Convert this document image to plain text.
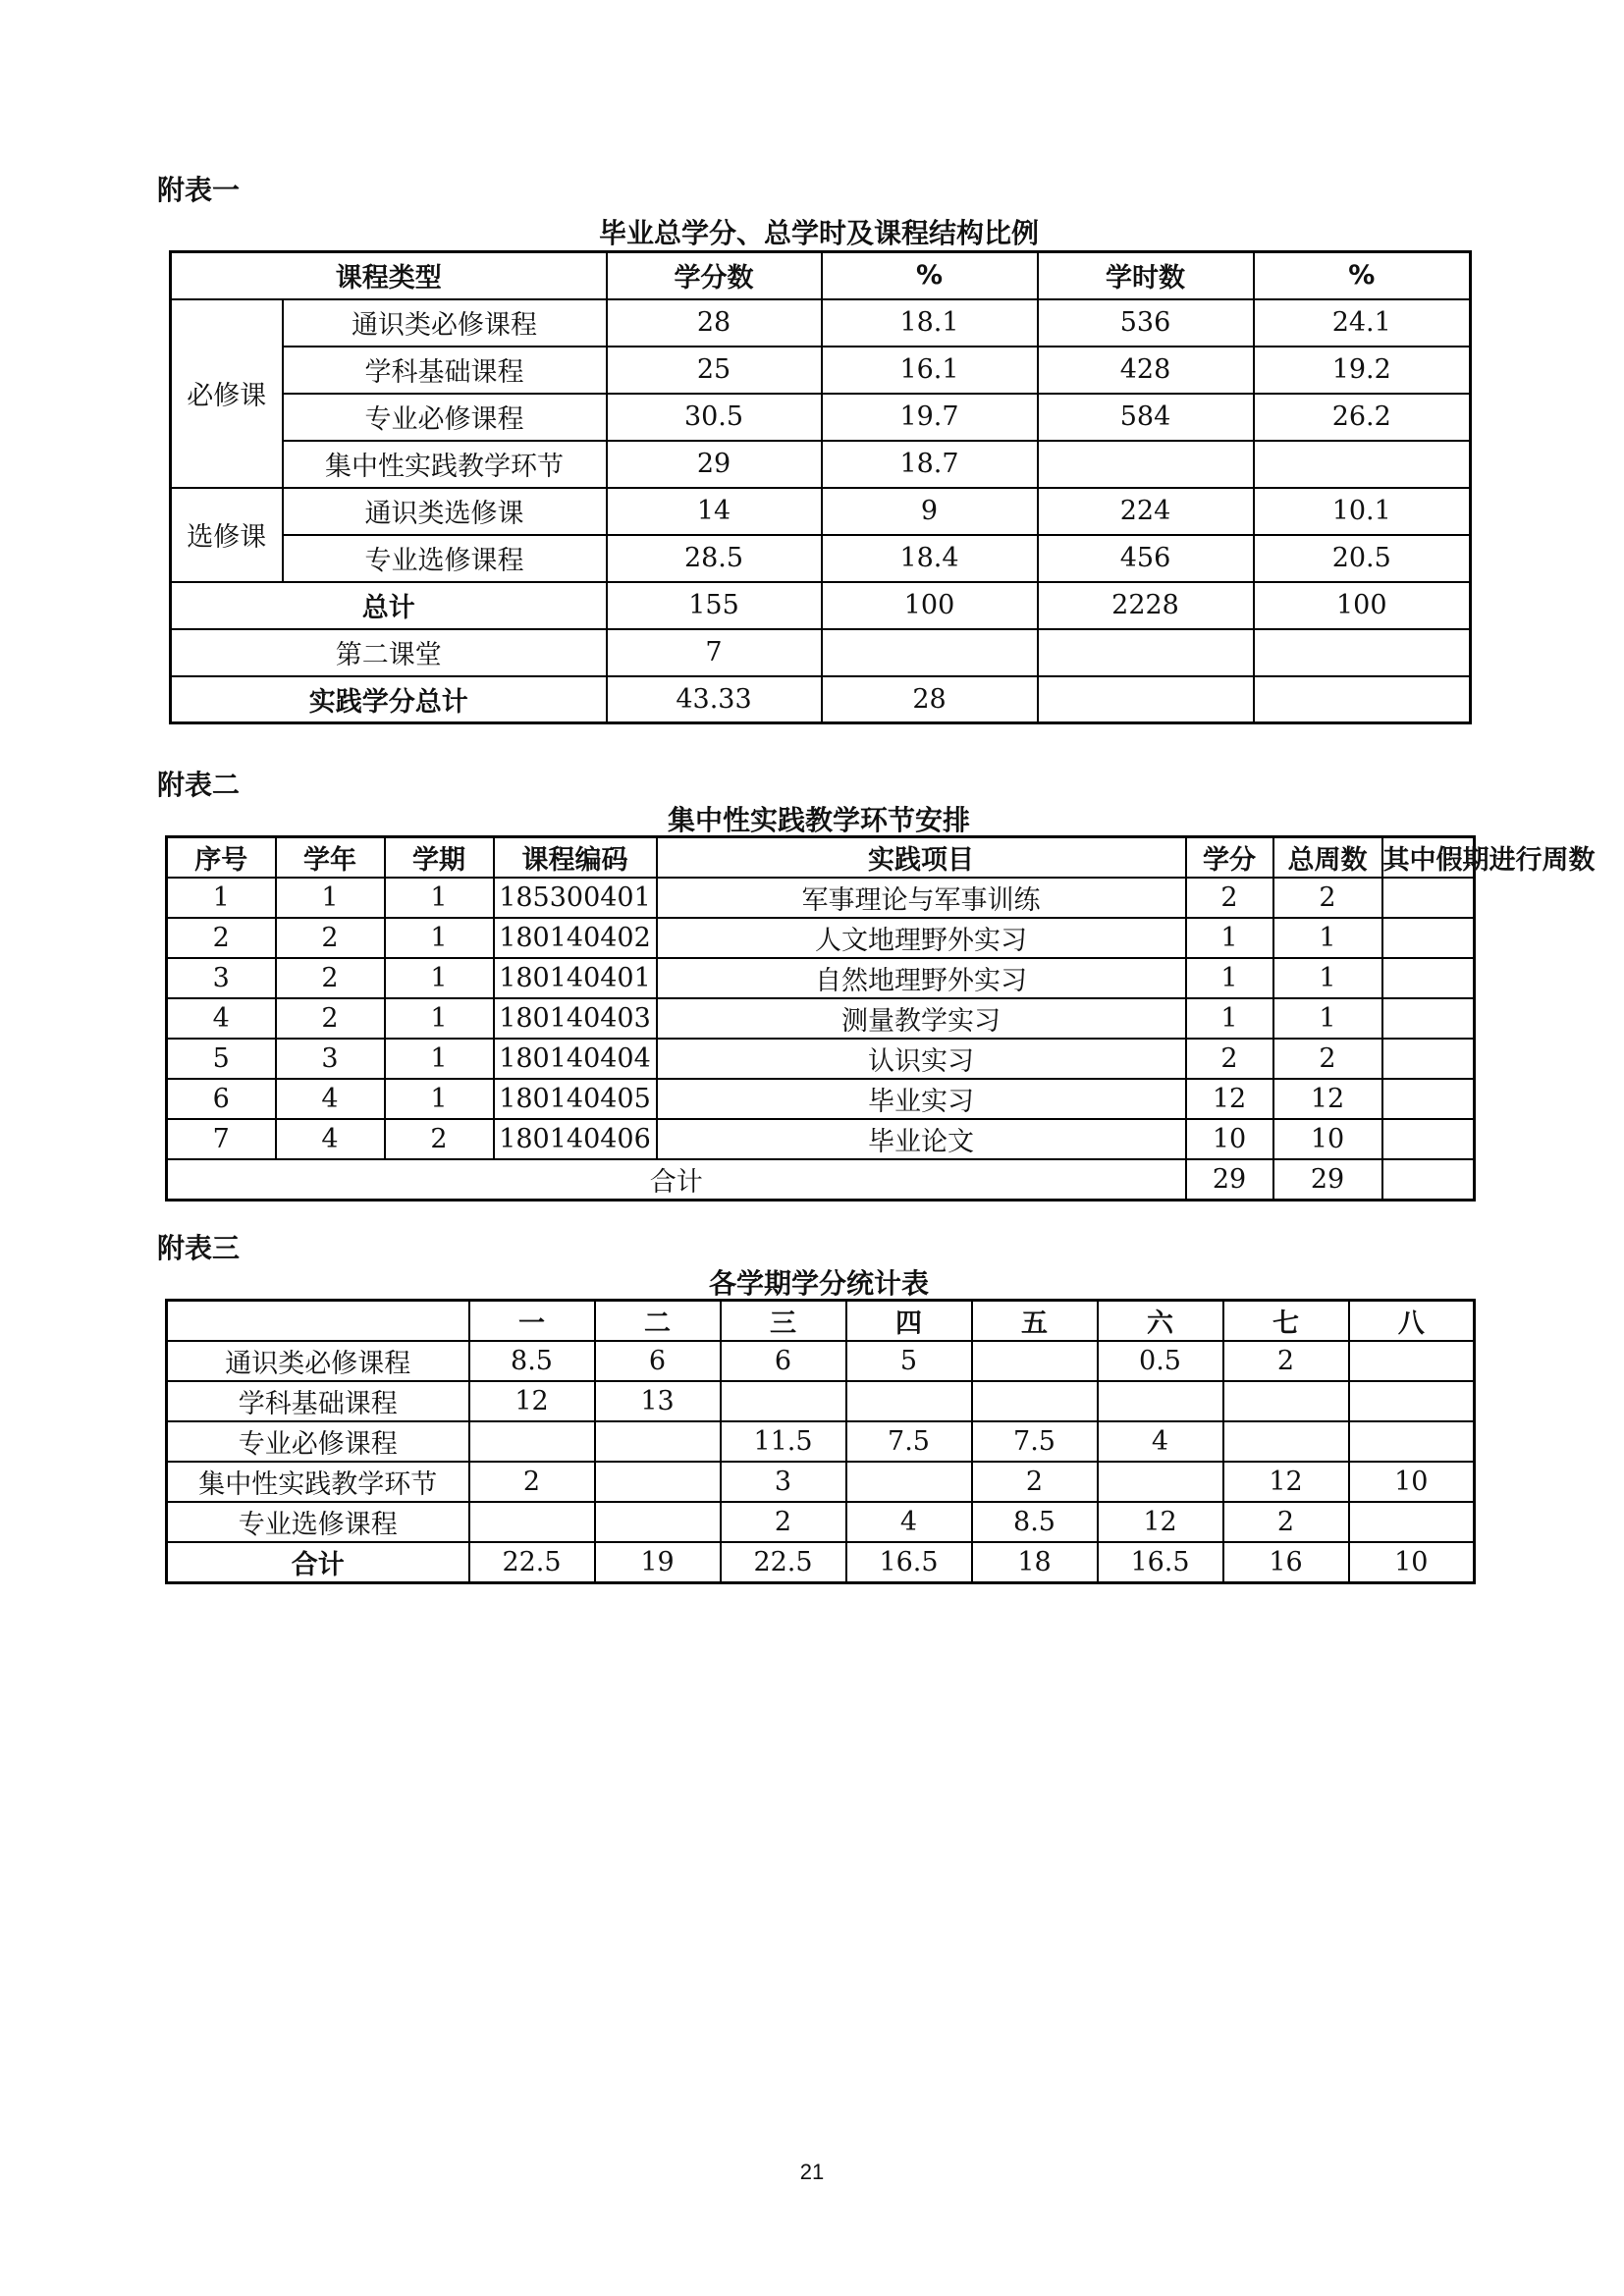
附表一
毕业总学分、总学时及课程结构比例
课程类型		学分数	%	学时数	%
必修课	通识类必修课程	28	18.1	536	24.1
	学科基础课程	25	16.1	428	19.2
	专业必修课程	30.5	19.7	584	26.2
	集中性实践教学环节	29	18.7		
选修课	通识类选修课	14	9	224	10.1
	专业选修课程	28.5	18.4	456	20.5
总计		155	100	2228	100
第二课堂		7			
实践学分总计		43.33	28		
附表二
集中性实践教学环节安排
序号	学年	学期	课程编码	实践项目	学分	总周数	其中假期进行周数
1	1	1	185300401	军事理论与军事训练	2	2	
2	2	1	180140402	人文地理野外实习	1	1	
3	2	1	180140401	自然地理野外实习	1	1	
4	2	1	180140403	测量教学实习	1	1	
5	3	1	180140404	认识实习	2	2	
6	4	1	180140405	毕业实习	12	12	
7	4	2	180140406	毕业论文	10	10	
合计					29	29	
附表三
各学期学分统计表
	一	二	三	四	五	六	七	八
通识类必修课程	8.5	6	6	5		0.5	2	
学科基础课程	12	13						
专业必修课程			11.5	7.5	7.5	4		
集中性实践教学环节	2		3		2		12	10
专业选修课程			2	4	8.5	12	2	
合计	22.5	19	22.5	16.5	18	16.5	16	10
21
